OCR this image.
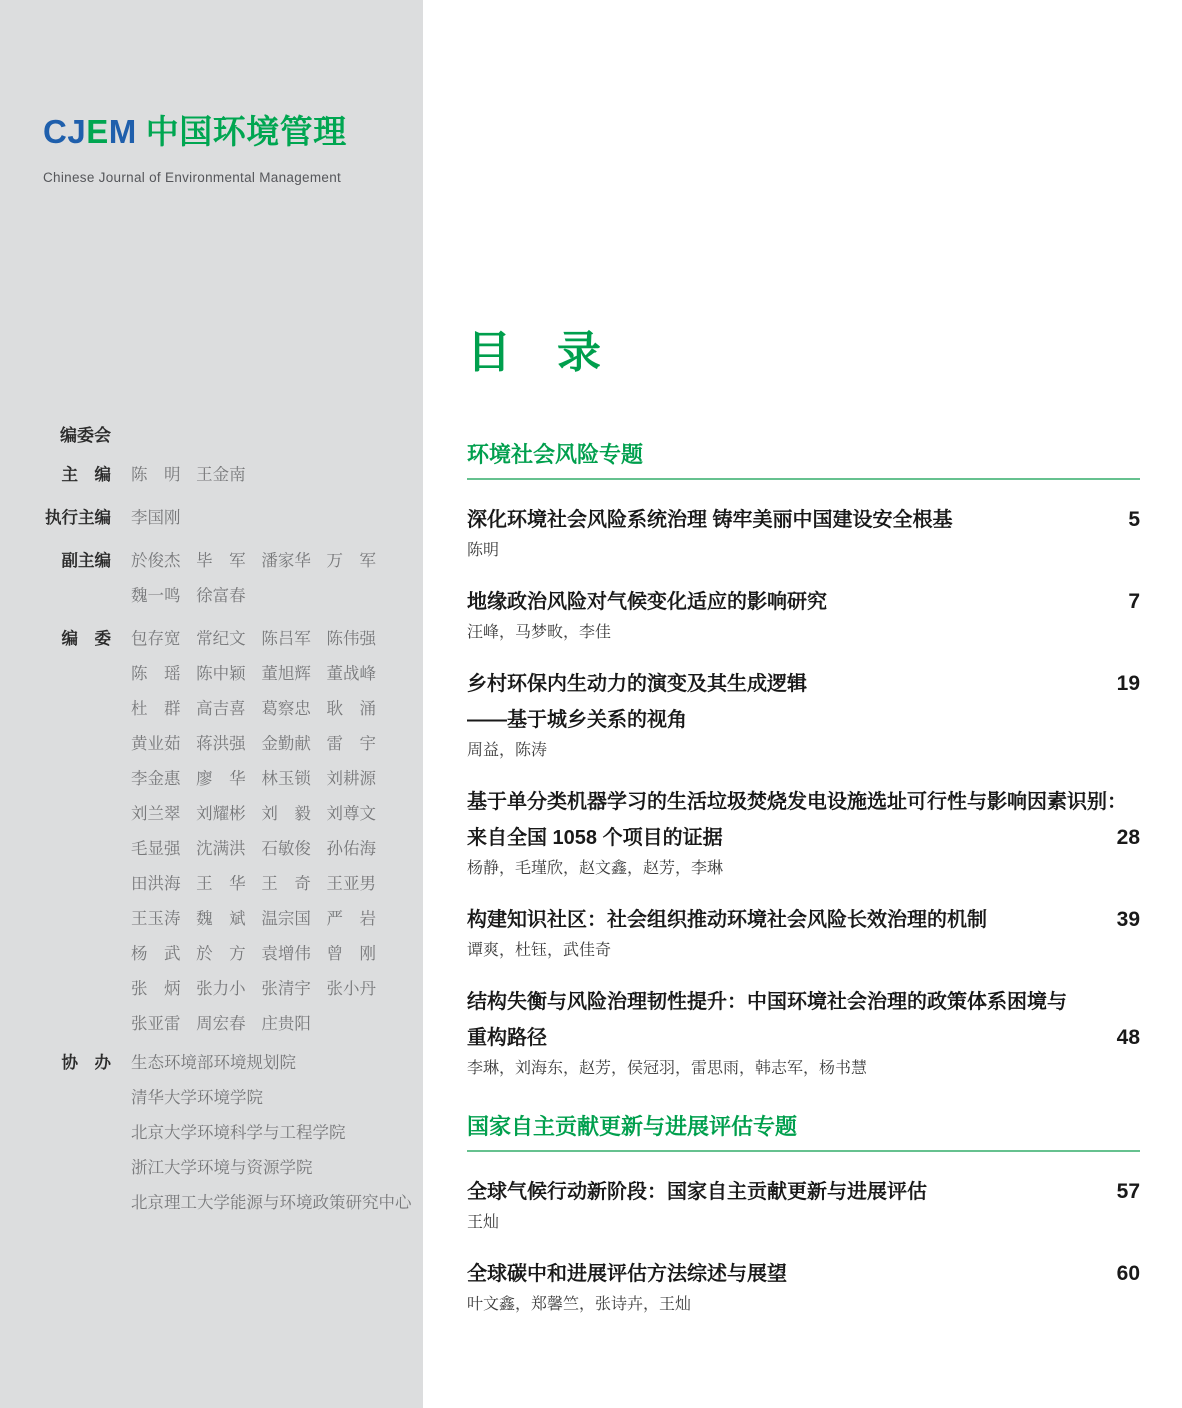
CJEM 中国环境管理
Chinese Journal of Environmental Management
编委会
主　编 陈明 王金南
执行主编 李国刚
副主编 於俊杰 毕军 潘家华 万军
魏一鸣 徐富春
编　委 包存宽 常纪文 陈吕军 陈伟强
陈瑶 陈中颖 董旭辉 董战峰
杜群 高吉喜 葛察忠 耿涌
黄业茹 蒋洪强 金勤献 雷宇
李金惠 廖华 林玉锁 刘耕源
刘兰翠 刘耀彬 刘毅 刘尊文
毛显强 沈满洪 石敏俊 孙佑海
田洪海 王华 王奇 王亚男
王玉涛 魏斌 温宗国 严岩
杨武 於方 袁增伟 曾刚
张炳 张力小 张清宇 张小丹
张亚雷 周宏春 庄贵阳
协　办 生态环境部环境规划院
清华大学环境学院
北京大学环境科学与工程学院
浙江大学环境与资源学院
北京理工大学能源与环境政策研究中心
目　录
环境社会风险专题
深化环境社会风险系统治理 铸牢美丽中国建设安全根基	5
陈明
地缘政治风险对气候变化适应的影响研究	7
汪峰，马梦畋，李佳
乡村环保内生动力的演变及其生成逻辑	19
——基于城乡关系的视角
周益，陈涛
基于单分类机器学习的生活垃圾焚烧发电设施选址可行性与影响因素识别：
来自全国 1058 个项目的证据	28
杨静，毛瑾欣，赵文鑫，赵芳，李琳
构建知识社区：社会组织推动环境社会风险长效治理的机制	39
谭爽，杜钰，武佳奇
结构失衡与风险治理韧性提升：中国环境社会治理的政策体系困境与
重构路径	48
李琳，刘海东，赵芳，侯冠羽，雷思雨，韩志军，杨书慧
国家自主贡献更新与进展评估专题
全球气候行动新阶段：国家自主贡献更新与进展评估	57
王灿
全球碳中和进展评估方法综述与展望	60
叶文鑫，郑馨竺，张诗卉，王灿
